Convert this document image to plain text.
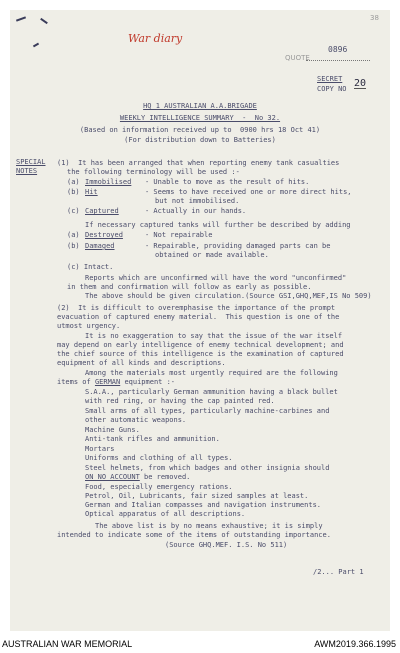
War diary
38
QUOTE
0896
SECRET
COPY NO 20
HQ 1 AUSTRALIAN A.A.BRIGADE
WEEKLY INTELLIGENCE SUMMARY  -  No 32.
(Based on information received up to  0900 hrs 18 Oct 41)
(For distribution down to Batteries)
SPECIAL
NOTES
(1)  It has been arranged that when reporting enemy tank casualties
the following terminology will be used :-
(a) Immobilised - Unable to move as the result of hits.
(b) Hit	- Seems to have received one or more direct hits,
but not immobilised.
(c) Captured	- Actually in our hands.
If necessary captured tanks will further be described by adding
(a) Destroyed	- Not repairable
(b) Damaged	- Repairable, providing damaged parts can be
obtained or made available.
(c) Intact.
Reports which are unconfirmed will have the word "unconfirmed"
in them and confirmation will follow as early as possible.
The above should be given circulation.(Source GSI,GHQ,MEF,IS No 509)
(2)  It is difficult to overemphasise the importance of the prompt
evacuation of captured enemy material.  This question is one of the
utmost urgency.
It is no exaggeration to say that the issue of the war itself
may depend on early intelligence of enemy technical development; and
the chief source of this intelligence is the examination of captured
equipment of all kinds and descriptions.
Among the materials most urgently required are the following
items of GERMAN equipment :-
S.A.A., particularly German ammunition having a black bullet
with red ring, or having the cap painted red.
Small arms of all types, particularly machine-carbines and
other automatic weapons.
Machine Guns.
Anti-tank rifles and ammunition.
Mortars
Uniforms and clothing of all types.
Steel helmets, from which badges and other insignia should
ON NO ACCOUNT be removed.
Food, especially emergency rations.
Petrol, Oil, Lubricants, fair sized samples at least.
German and Italian compasses and navigation instruments.
Optical apparatus of all descriptions.
The above list is by no means exhaustive; it is simply
intended to indicate some of the items of outstanding importance.
(Source GHQ.MEF. I.S. No 511)
/2... Part 1
AUSTRALIAN WAR MEMORIAL	AWM2019.366.1995
